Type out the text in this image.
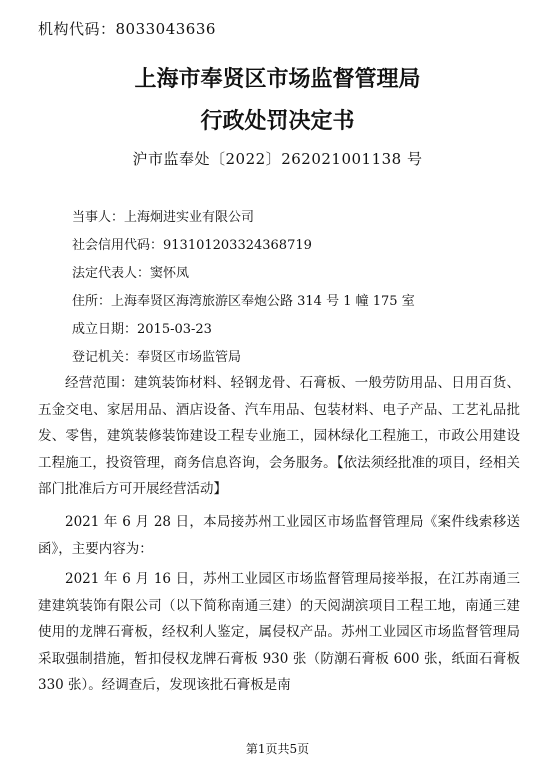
机构代码：8033043636
上海市奉贤区市场监督管理局
行政处罚决定书
沪市监奉处〔2022〕262021001138 号
当事人：上海炯进实业有限公司
社会信用代码：913101203324368719
法定代表人：窦怀凤
住所：上海奉贤区海湾旅游区奉炮公路 314 号 1 幢 175 室
成立日期：2015-03-23
登记机关：奉贤区市场监管局
经营范围：建筑装饰材料、轻钢龙骨、石膏板、一般劳防用品、日用百货、五金交电、家居用品、酒店设备、汽车用品、包装材料、电子产品、工艺礼品批发、零售，建筑装修装饰建设工程专业施工，园林绿化工程施工，市政公用建设工程施工，投资管理，商务信息咨询，会务服务。【依法须经批准的项目，经相关部门批准后方可开展经营活动】
2021 年 6 月 28 日，本局接苏州工业园区市场监督管理局《案件线索移送函》，主要内容为：
2021 年 6 月 16 日，苏州工业园区市场监督管理局接举报，在江苏南通三建建筑装饰有限公司（以下简称南通三建）的天阅湖滨项目工程工地，南通三建使用的龙牌石膏板，经权利人鉴定，属侵权产品。苏州工业园区市场监督管理局采取强制措施，暂扣侵权龙牌石膏板 930 张（防潮石膏板 600 张，纸面石膏板 330 张）。经调查后，发现该批石膏板是南
第1页共5页
